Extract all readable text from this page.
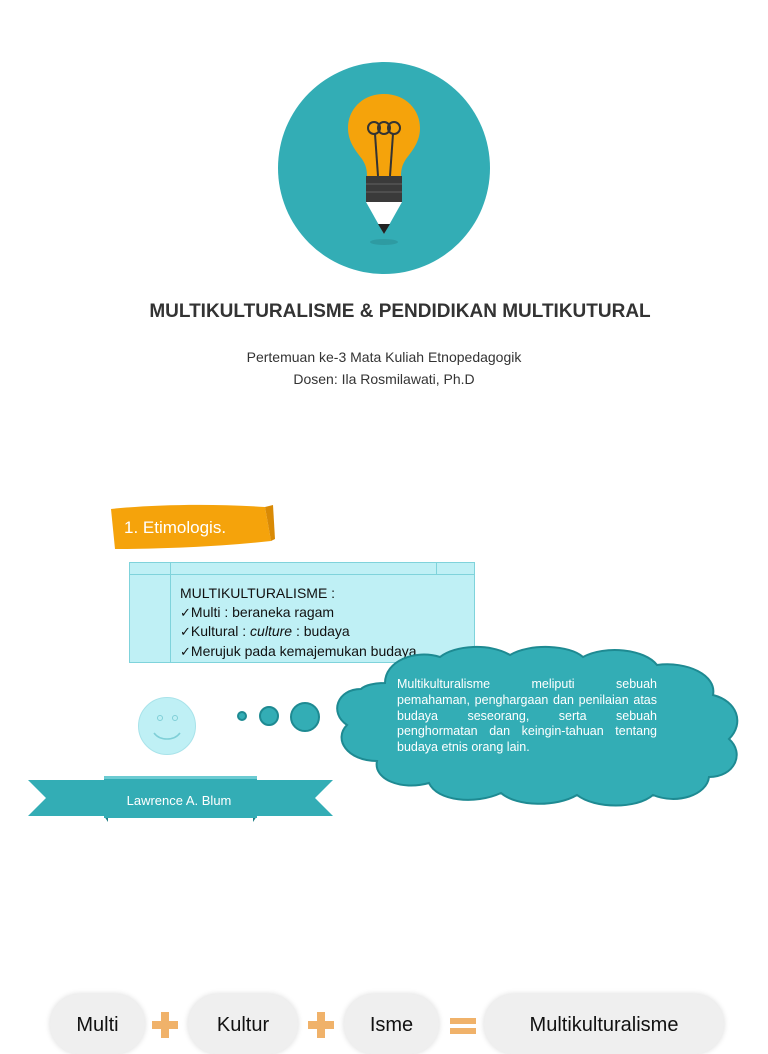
MULTIKULTURALISME & PENDIDIKAN MULTIKUTURAL
Pertemuan ke-3 Mata Kuliah Etnopedagogik
Dosen: Ila Rosmilawati, Ph.D
1. Etimologis.
MULTIKULTURALISME :
✓Multi : beraneka ragam
✓Kultural : culture : budaya
✓Merujuk pada kemajemukan budaya
Multikulturalisme meliputi sebuah pemahaman, penghargaan dan penilaian atas budaya seseorang, serta sebuah penghormatan dan keingin-tahuan tentang budaya etnis orang lain.
Lawrence A. Blum
Multi	Kultur	Isme	Multikulturalisme
